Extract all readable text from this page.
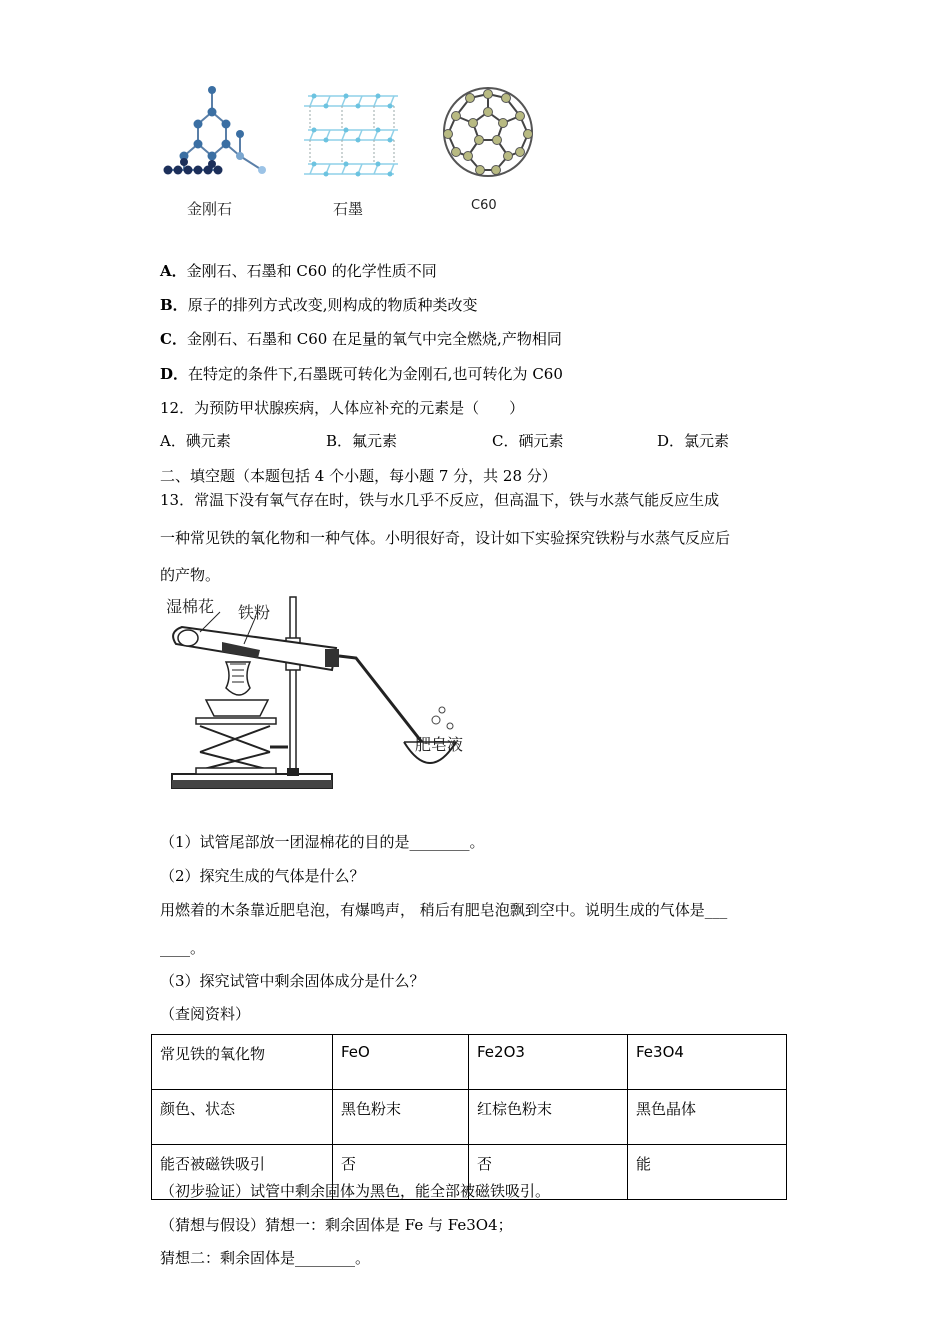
金刚石	石墨	C60
A．金刚石、石墨和 C60 的化学性质不同
B．原子的排列方式改变,则构成的物质种类改变
C．金刚石、石墨和 C60 在足量的氧气中完全燃烧,产物相同
D．在特定的条件下,石墨既可转化为金刚石,也可转化为 C60
12．为预防甲状腺疾病，人体应补充的元素是（　　）
A．碘元素	B．氟元素	C．硒元素	D．氯元素
二、填空题（本题包括 4 个小题，每小题 7 分，共 28 分）
13．常温下没有氧气存在时，铁与水几乎不反应，但高温下，铁与水蒸气能反应生成
一种常见铁的氧化物和一种气体。小明很好奇，设计如下实验探究铁粉与水蒸气反应后
的产物。
湿棉花 铁粉
肥皂液
（1）试管尾部放一团湿棉花的目的是________。
（2）探究生成的气体是什么？
用燃着的木条靠近肥皂泡，有爆鸣声， 稍后有肥皂泡飘到空中。说明生成的气体是___
____。
（3）探究试管中剩余固体成分是什么？
（查阅资料）
常见铁的氧化物	FeO	Fe2O3	Fe3O4
颜色、状态	黑色粉末	红棕色粉末	黑色晶体
能否被磁铁吸引	否	否	能
（初步验证）试管中剩余固体为黑色，能全部被磁铁吸引。
（猜想与假设）猜想一：剩余固体是 Fe 与 Fe3O4；
猜想二：剩余固体是________。
